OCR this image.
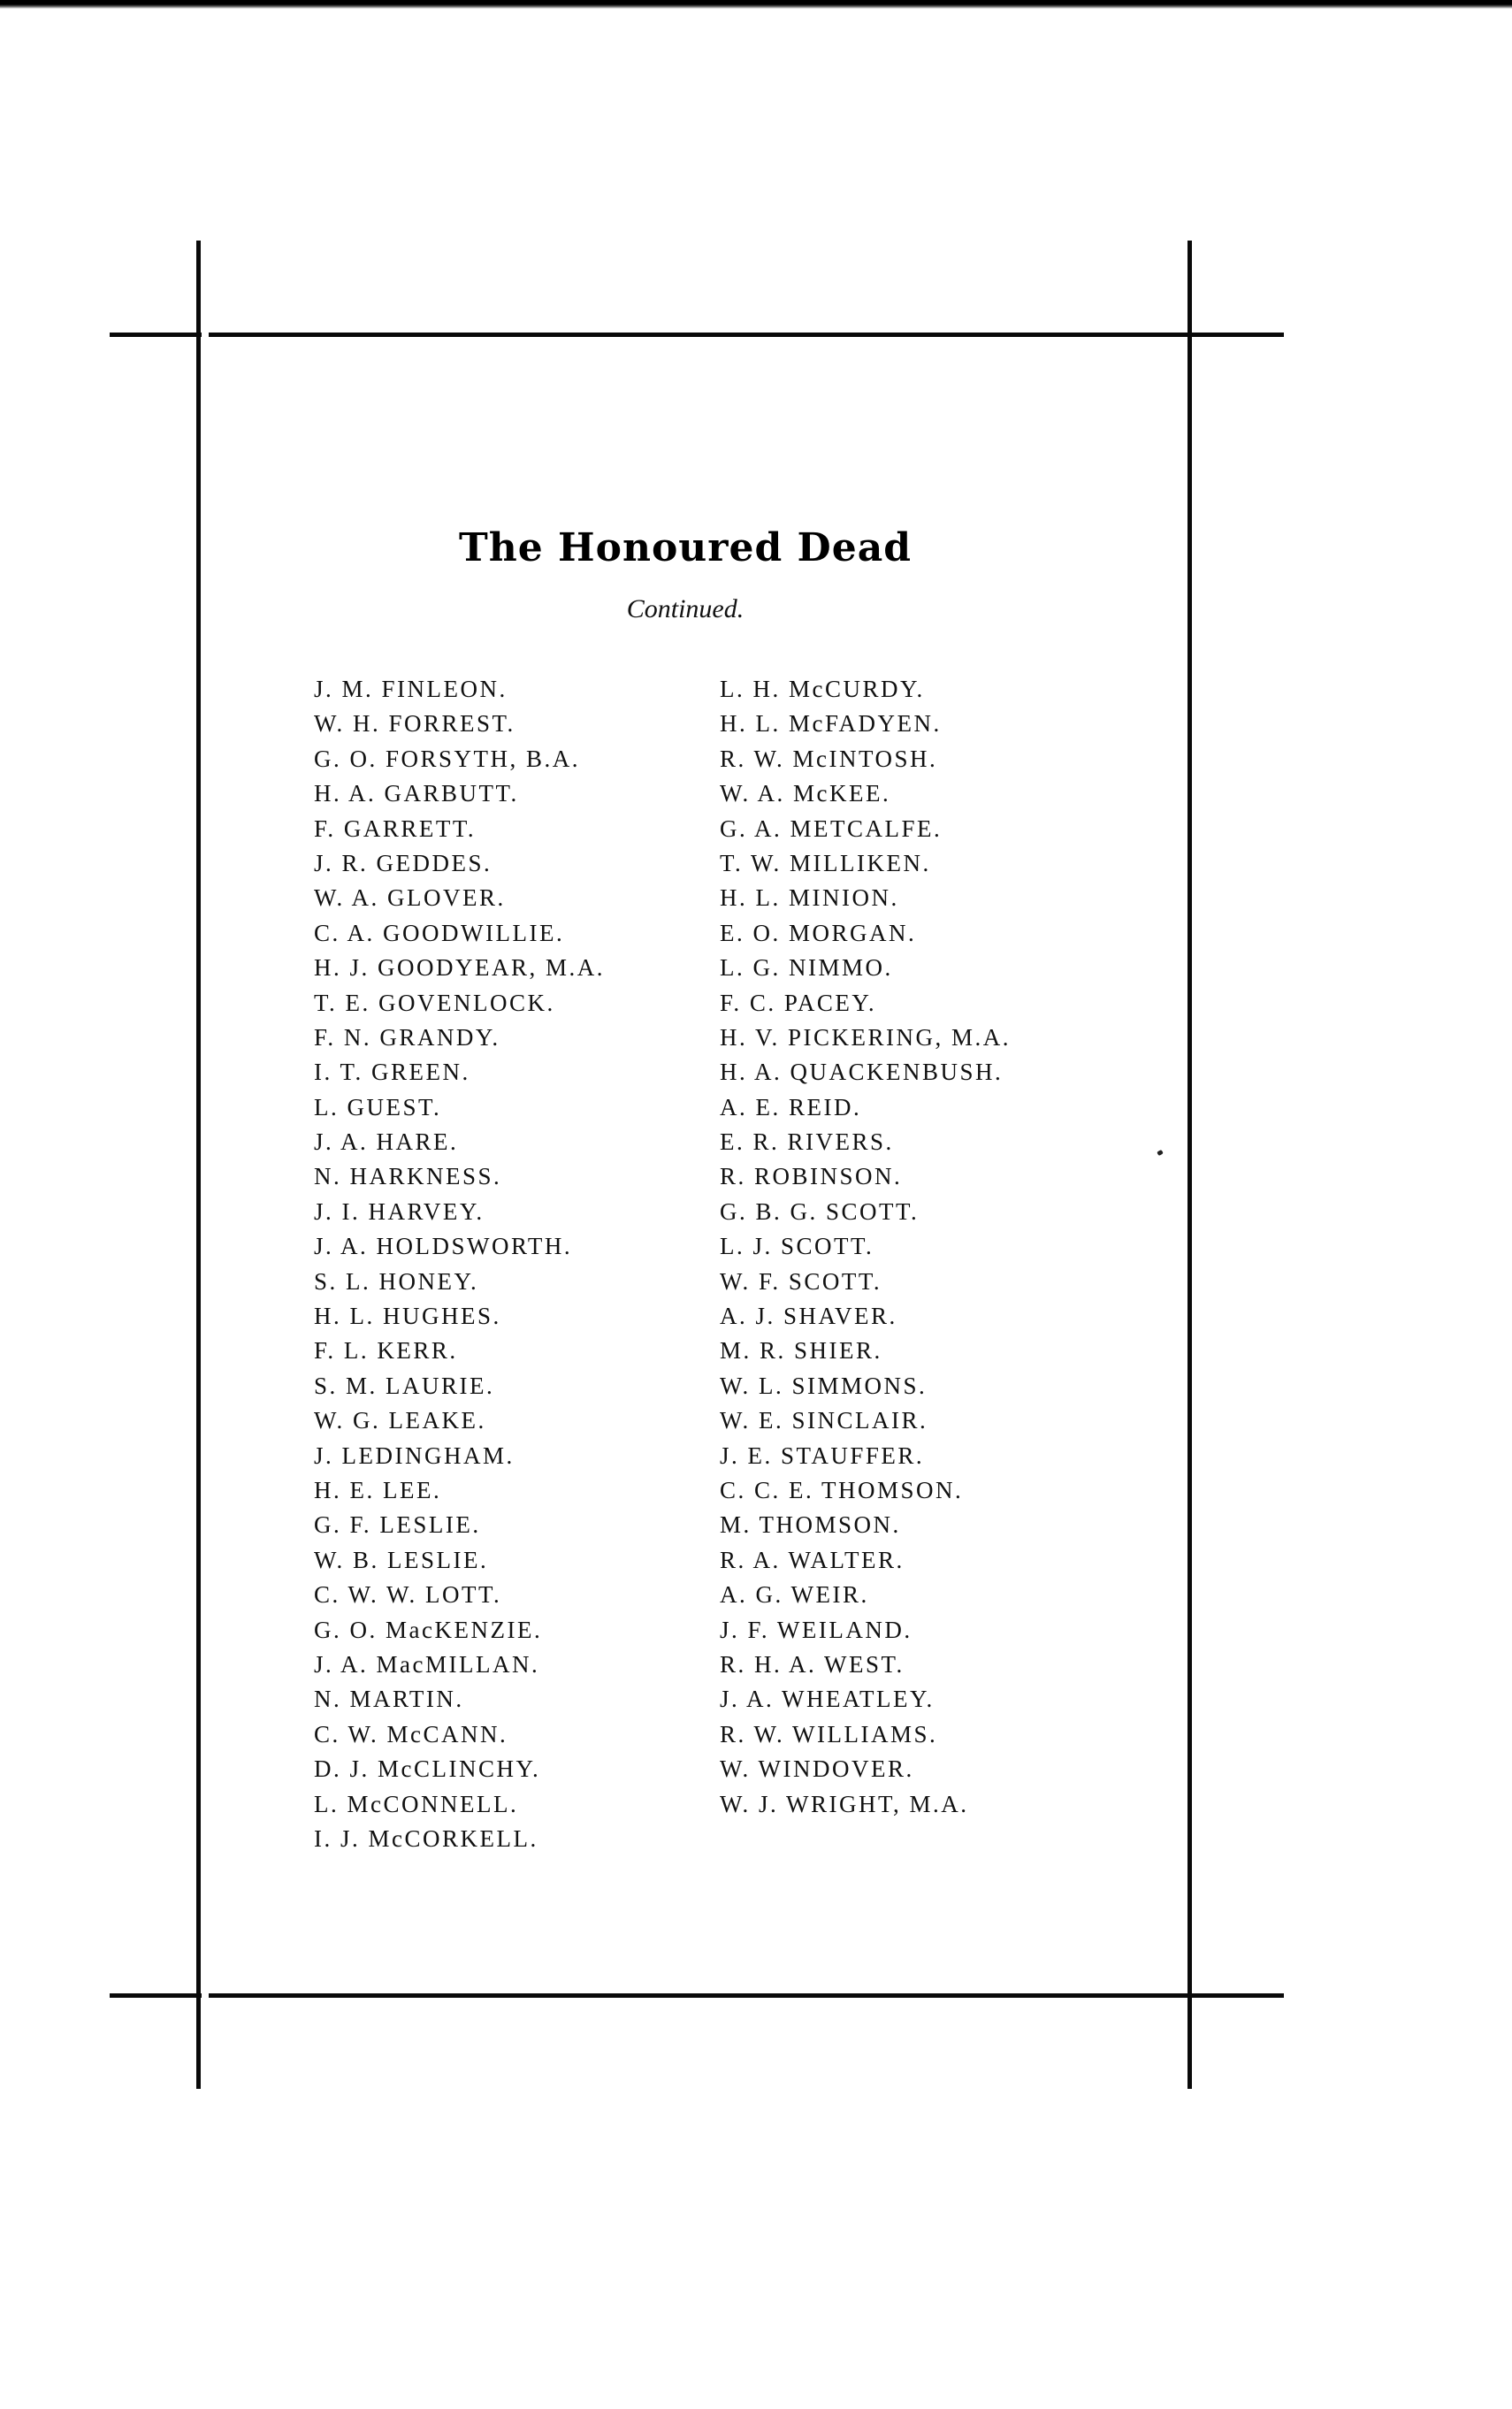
The Honoured Dead
Continued.
J. M. FINLEON.
W. H. FORREST.
G. O. FORSYTH, B.A.
H. A. GARBUTT.
F. GARRETT.
J. R. GEDDES.
W. A. GLOVER.
C. A. GOODWILLIE.
H. J. GOODYEAR, M.A.
T. E. GOVENLOCK.
F. N. GRANDY.
I. T. GREEN.
L. GUEST.
J. A. HARE.
N. HARKNESS.
J. I. HARVEY.
J. A. HOLDSWORTH.
S. L. HONEY.
H. L. HUGHES.
F. L. KERR.
S. M. LAURIE.
W. G. LEAKE.
J. LEDINGHAM.
H. E. LEE.
G. F. LESLIE.
W. B. LESLIE.
C. W. W. LOTT.
G. O. MacKENZIE.
J. A. MacMILLAN.
N. MARTIN.
C. W. McCANN.
D. J. McCLINCHY.
L. McCONNELL.
I. J. McCORKELL.
L. H. McCURDY.
H. L. McFADYEN.
R. W. McINTOSH.
W. A. McKEE.
G. A. METCALFE.
T. W. MILLIKEN.
H. L. MINION.
E. O. MORGAN.
L. G. NIMMO.
F. C. PACEY.
H. V. PICKERING, M.A.
H. A. QUACKENBUSH.
A. E. REID.
E. R. RIVERS.
R. ROBINSON.
G. B. G. SCOTT.
L. J. SCOTT.
W. F. SCOTT.
A. J. SHAVER.
M. R. SHIER.
W. L. SIMMONS.
W. E. SINCLAIR.
J. E. STAUFFER.
C. C. E. THOMSON.
M. THOMSON.
R. A. WALTER.
A. G. WEIR.
J. F. WEILAND.
R. H. A. WEST.
J. A. WHEATLEY.
R. W. WILLIAMS.
W. WINDOVER.
W. J. WRIGHT, M.A.
